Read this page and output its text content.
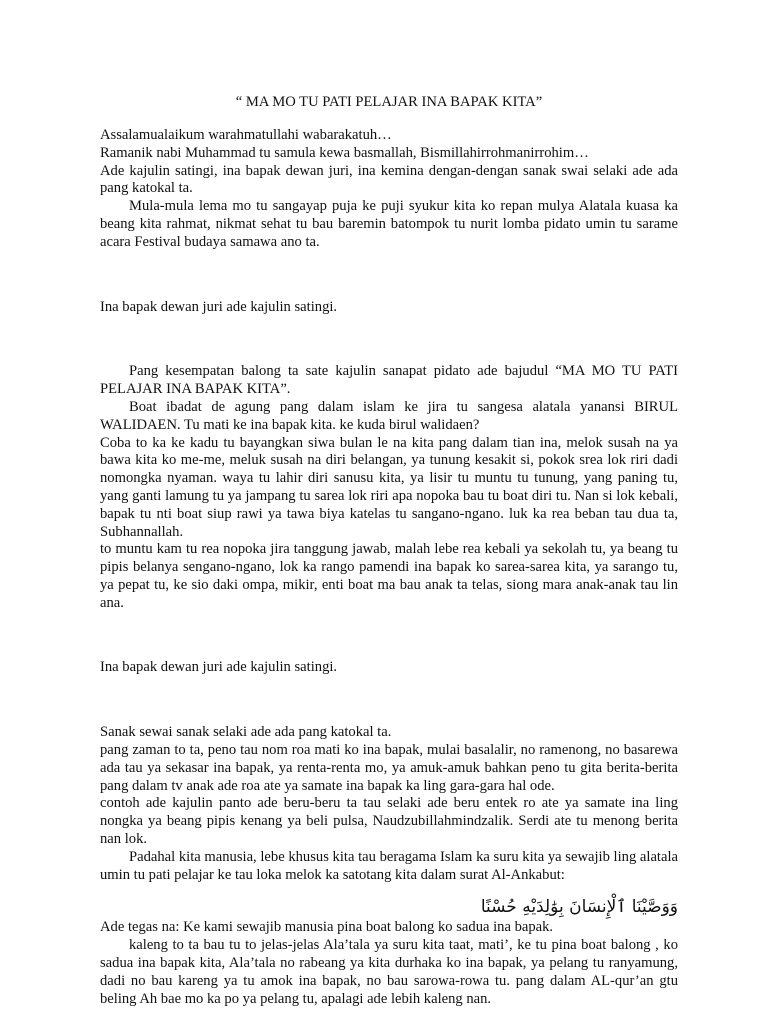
“ MA MO TU PATI PELAJAR INA BAPAK KITA”

Assalamualaikum warahmatullahi wabarakatuh…

Ramanik nabi Muhammad tu samula kewa basmallah, Bismillahirrohmanirrohim…

Ade kajulin satingi, ina bapak dewan juri, ina kemina dengan-dengan sanak swai selaki ade ada pang katokal ta.

Mula-mula lema mo tu sangayap puja ke puji syukur kita ko repan mulya Alatala kuasa ka beang kita rahmat, nikmat sehat tu bau baremin batompok tu nurit lomba pidato umin tu sarame acara Festival budaya samawa ano ta.

Ina bapak dewan juri ade kajulin satingi.

Pang kesempatan balong ta sate kajulin sanapat pidato ade bajudul “MA MO TU PATI PELAJAR INA BAPAK KITA”.

Boat ibadat de agung pang dalam islam ke jira tu sangesa alatala yanansi BIRUL WALIDAEN. Tu mati ke ina bapak kita. ke kuda birul walidaen?

Coba to ka ke kadu tu bayangkan siwa bulan le na kita pang dalam tian ina, melok susah na ya bawa kita ko me-me, meluk susah na diri belangan, ya tunung kesakit si, pokok srea lok riri dadi nomongka nyaman. waya tu lahir diri sanusu kita, ya lisir tu muntu tu tunung, yang paning tu, yang ganti lamung tu ya jampang tu sarea lok riri apa nopoka bau tu boat diri tu. Nan si lok kebali, bapak tu nti boat siup rawi ya tawa biya katelas tu sangano-ngano. luk ka rea beban tau dua ta, Subhannallah.

to muntu kam tu rea nopoka jira tanggung jawab, malah lebe rea kebali ya sekolah tu, ya beang tu pipis belanya sengano-ngano, lok ka rango pamendi ina bapak ko sarea-sarea kita, ya sarango tu, ya pepat tu, ke sio daki ompa, mikir, enti boat ma bau anak ta telas, siong mara anak-anak tau lin ana.

Ina bapak dewan juri ade kajulin satingi.

Sanak sewai sanak selaki ade ada pang katokal ta.

pang zaman to ta, peno tau nom roa mati ko ina bapak, mulai basalalir, no ramenong, no basarewa ada tau ya sekasar ina bapak, ya renta-renta mo, ya amuk-amuk bahkan peno tu gita berita-berita pang dalam tv anak ade roa ate ya samate ina bapak ka ling gara-gara hal ode.

contoh ade kajulin panto ade beru-beru ta tau selaki ade beru entek ro ate ya samate ina ling nongka ya beang pipis kenang ya beli pulsa, Naudzubillahmindzalik. Serdi ate tu menong berita nan lok.

Padahal kita manusia, lebe khusus kita tau beragama Islam ka suru kita ya sewajib ling alatala umin tu pati pelajar ke tau loka melok ka satotang kita dalam surat Al-Ankabut:

وَوَصَّيْنَا ٱلْإِنسَانَ بِوَٰلِدَيْهِ حُسْنًا

Ade tegas na: Ke kami sewajib manusia pina boat balong ko sadua ina bapak.

kaleng to ta bau tu to jelas-jelas Ala’tala ya suru kita taat, mati’, ke tu pina boat balong , ko sadua ina bapak kita, Ala’tala no rabeang ya kita durhaka ko ina bapak, ya pelang tu ranyamung, dadi no bau kareng ya tu amok ina bapak, no bau sarowa-rowa tu. pang dalam AL-qur’an gtu beling Ah bae mo ka po ya pelang tu, apalagi ade lebih kaleng nan.
